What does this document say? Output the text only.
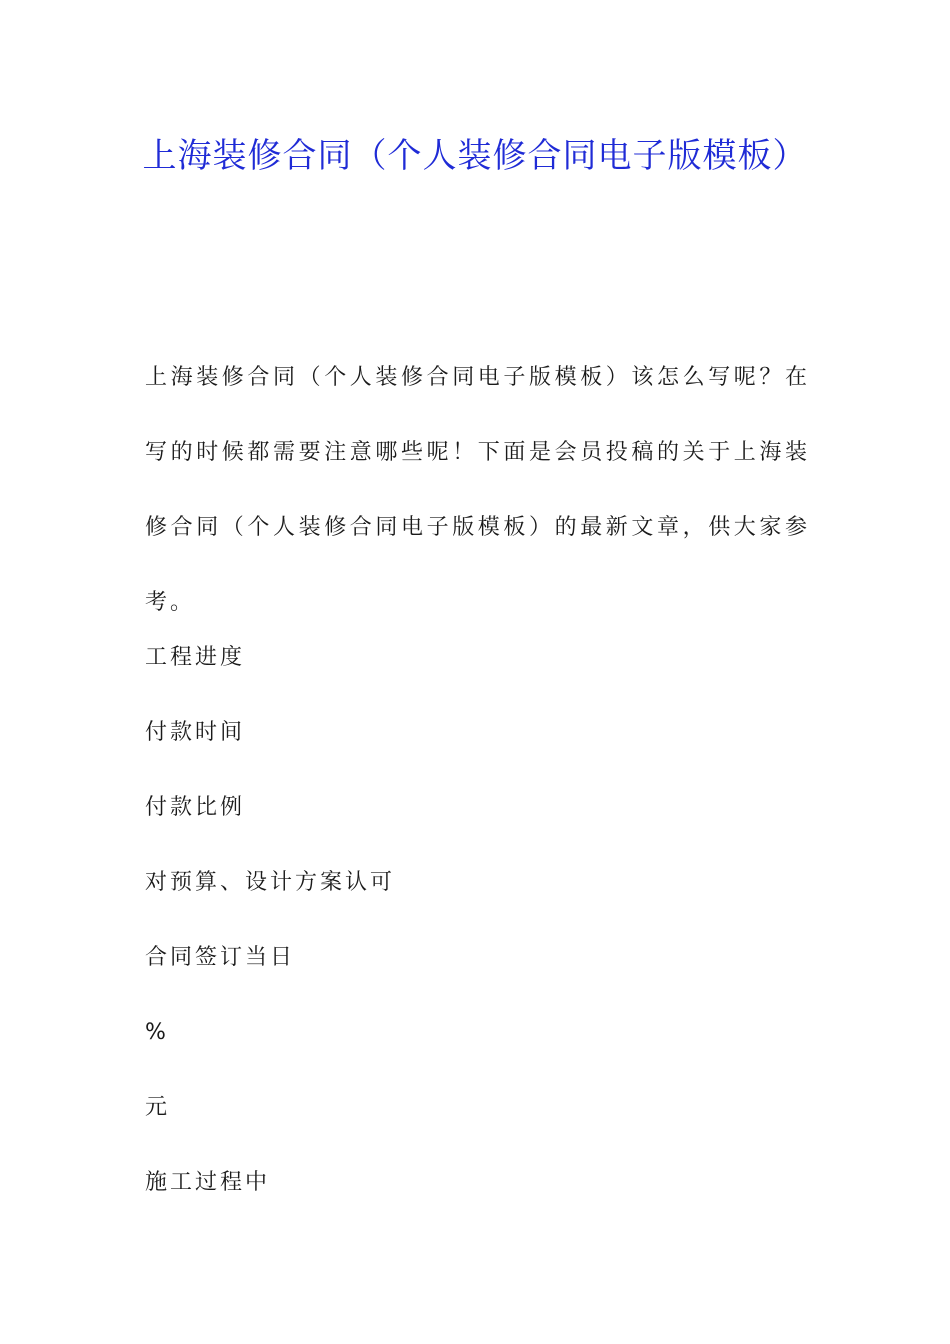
上海装修合同（个人装修合同电子版模板）

上海装修合同（个人装修合同电子版模板）该怎么写呢？在写的时候都需要注意哪些呢！下面是会员投稿的关于上海装修合同（个人装修合同电子版模板）的最新文章，供大家参考。

工程进度
付款时间
付款比例
对预算、设计方案认可
合同签订当日
%
元
施工过程中
